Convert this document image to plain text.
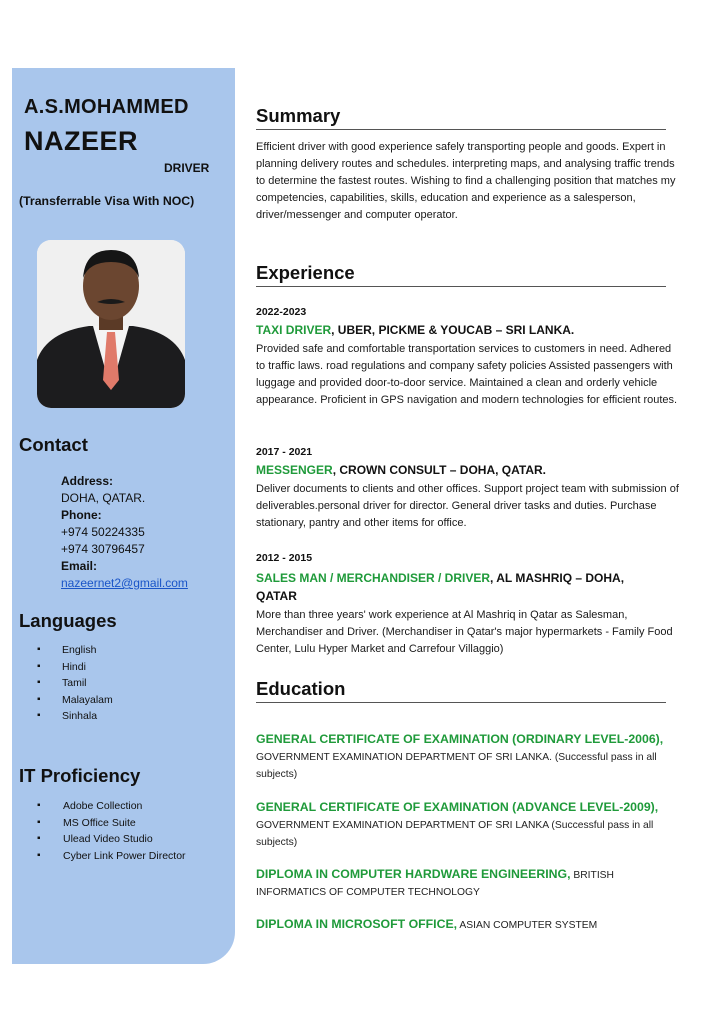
A.S.MOHAMMED
NAZEER
DRIVER
(Transferrable Visa With NOC)
Contact
Address:
DOHA, QATAR.
Phone:
+974 50224335
+974 30796457
Email:
nazeernet2@gmail.com
Languages
▪ English
▪ Hindi
▪ Tamil
▪ Malayalam
▪ Sinhala
IT Proficiency
▪ Adobe Collection
▪ MS Office Suite
▪ Ulead Video Studio
▪ Cyber Link Power Director
Summary
Efficient driver with good experience safely transporting people and goods. Expert in planning delivery routes and schedules. interpreting maps, and analysing traffic trends to determine the fastest routes. Wishing to find a challenging position that matches my competencies, capabilities, skills, education and experience as a salesperson, driver/messenger and computer operator.
Experience
2022-2023
TAXI DRIVER, UBER, PICKME & YOUCAB – SRI LANKA.
Provided safe and comfortable transportation services to customers in need. Adhered to traffic laws. road regulations and company safety policies Assisted passengers with luggage and provided door-to-door service. Maintained a clean and orderly vehicle appearance. Proficient in GPS navigation and modern technologies for efficient routes.
2017 - 2021
MESSENGER, CROWN CONSULT – DOHA, QATAR.
Deliver documents to clients and other offices. Support project team with submission of deliverables.personal driver for director. General driver tasks and duties. Purchase stationary, pantry and other items for office.
2012 - 2015
SALES MAN / MERCHANDISER / DRIVER, AL MASHRIQ – DOHA, QATAR
More than three years' work experience at Al Mashriq in Qatar as Salesman, Merchandiser and Driver. (Merchandiser in Qatar's major hypermarkets - Family Food Center, Lulu Hyper Market and Carrefour Villaggio)
Education
GENERAL CERTIFICATE OF EXAMINATION (ORDINARY LEVEL-2006), GOVERNMENT EXAMINATION DEPARTMENT OF SRI LANKA. (Successful pass in all subjects)
GENERAL CERTIFICATE OF EXAMINATION (ADVANCE LEVEL-2009), GOVERNMENT EXAMINATION DEPARTMENT OF SRI LANKA (Successful pass in all subjects)
DIPLOMA IN COMPUTER HARDWARE ENGINEERING, BRITISH INFORMATICS OF COMPUTER TECHNOLOGY
DIPLOMA IN MICROSOFT OFFICE, ASIAN COMPUTER SYSTEM
